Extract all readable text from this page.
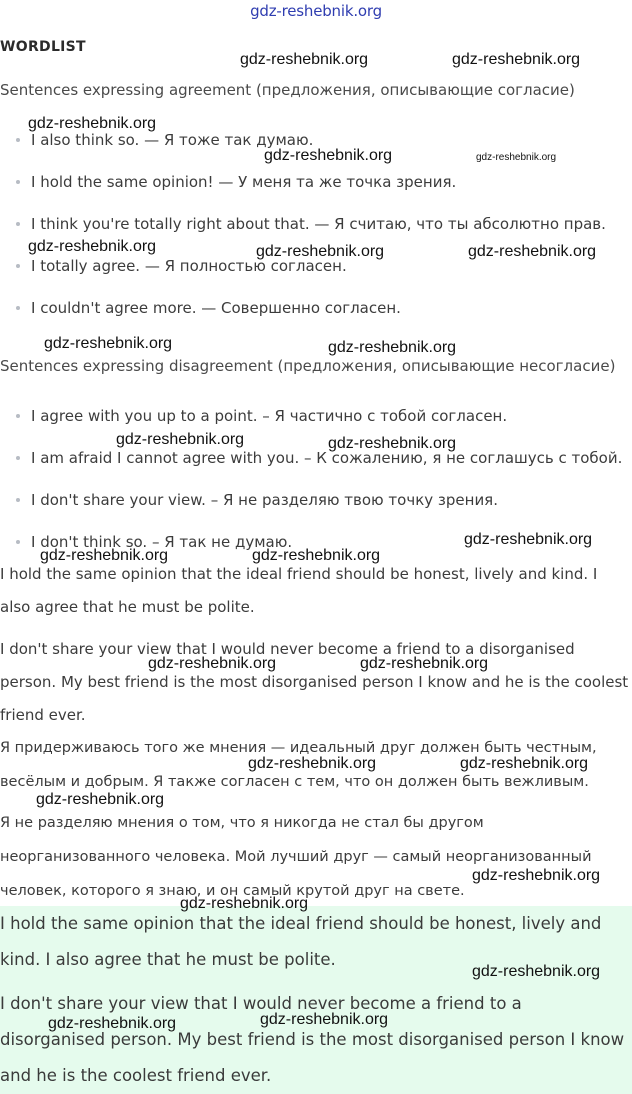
gdz-reshebnik.org
WORDLIST
Sentences expressing agreement (предложения, описывающие согласие)
I also think so. — Я тоже так думаю.
I hold the same opinion! — У меня та же точка зрения.
I think you're totally right about that. — Я считаю, что ты абсолютно прав.
I totally agree. — Я полностью согласен.
I couldn't agree more. — Совершенно согласен.
Sentences expressing disagreement (предложения, описывающие несогласие)
I agree with you up to a point. – Я частично с тобой согласен.
I am afraid I cannot agree with you. – К сожалению, я не соглашусь с тобой.
I don't share your view. – Я не разделяю твою точку зрения.
I don't think so. – Я так не думаю.

I hold the same opinion that the ideal friend should be honest, lively and kind. I also agree that he must be polite.

I don't share your view that I would never become a friend to a disorganised person. My best friend is the most disorganised person I know and he is the coolest friend ever.

Я придерживаюсь того же мнения — идеальный друг должен быть честным, весёлым и добрым. Я также согласен с тем, что он должен быть вежливым.

Я не разделяю мнения о том, что я никогда не стал бы другом неорганизованного человека. Мой лучший друг — самый неорганизованный человек, которого я знаю, и он самый крутой друг на свете.

I hold the same opinion that the ideal friend should be honest, lively and kind. I also agree that he must be polite.

I don't share your view that I would never become a friend to a disorganised person. My best friend is the most disorganised person I know and he is the coolest friend ever.

gdz-reshebnik.org	gdz-reshebnik.org
gdz-reshebnik.org
gdz-reshebnik.org	gdz-reshebnik.org
gdz-reshebnik.org	gdz-reshebnik.org	gdz-reshebnik.org
gdz-reshebnik.org	gdz-reshebnik.org
gdz-reshebnik.org	gdz-reshebnik.org
gdz-reshebnik.org
gdz-reshebnik.org	gdz-reshebnik.org
gdz-reshebnik.org	gdz-reshebnik.org
gdz-reshebnik.org	gdz-reshebnik.org
gdz-reshebnik.org
gdz-reshebnik.org
gdz-reshebnik.org
gdz-reshebnik.org
gdz-reshebnik.org
gdz-reshebnik.org
